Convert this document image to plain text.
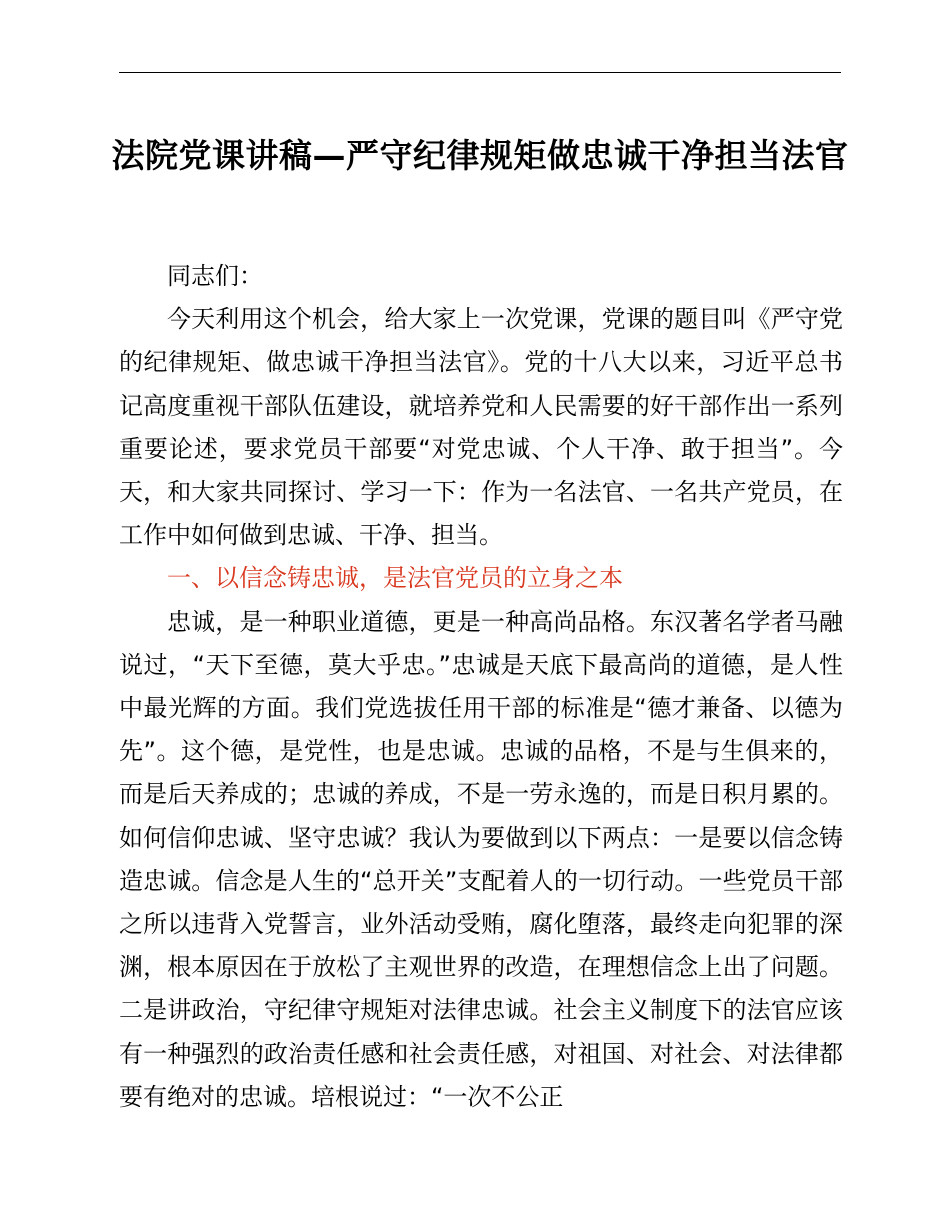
法院党课讲稿—严守纪律规矩做忠诚干净担当法官

同志们：

今天利用这个机会，给大家上一次党课，党课的题目叫《严守党的纪律规矩、做忠诚干净担当法官》。党的十八大以来，习近平总书记高度重视干部队伍建设，就培养党和人民需要的好干部作出一系列重要论述，要求党员干部要“对党忠诚、个人干净、敢于担当”。今天，和大家共同探讨、学习一下：作为一名法官、一名共产党员，在工作中如何做到忠诚、干净、担当。

一、以信念铸忠诚，是法官党员的立身之本

忠诚，是一种职业道德，更是一种高尚品格。东汉著名学者马融说过，“天下至德，莫大乎忠。”忠诚是天底下最高尚的道德，是人性中最光辉的方面。我们党选拔任用干部的标准是“德才兼备、以德为先”。这个德，是党性，也是忠诚。忠诚的品格，不是与生俱来的，而是后天养成的；忠诚的养成，不是一劳永逸的，而是日积月累的。如何信仰忠诚、坚守忠诚？我认为要做到以下两点：一是要以信念铸造忠诚。信念是人生的“总开关”支配着人的一切行动。一些党员干部之所以违背入党誓言，业外活动受贿，腐化堕落，最终走向犯罪的深渊，根本原因在于放松了主观世界的改造，在理想信念上出了问题。二是讲政治，守纪律守规矩对法律忠诚。社会主义制度下的法官应该有一种强烈的政治责任感和社会责任感，对祖国、对社会、对法律都要有绝对的忠诚。培根说过：“一次不公正
